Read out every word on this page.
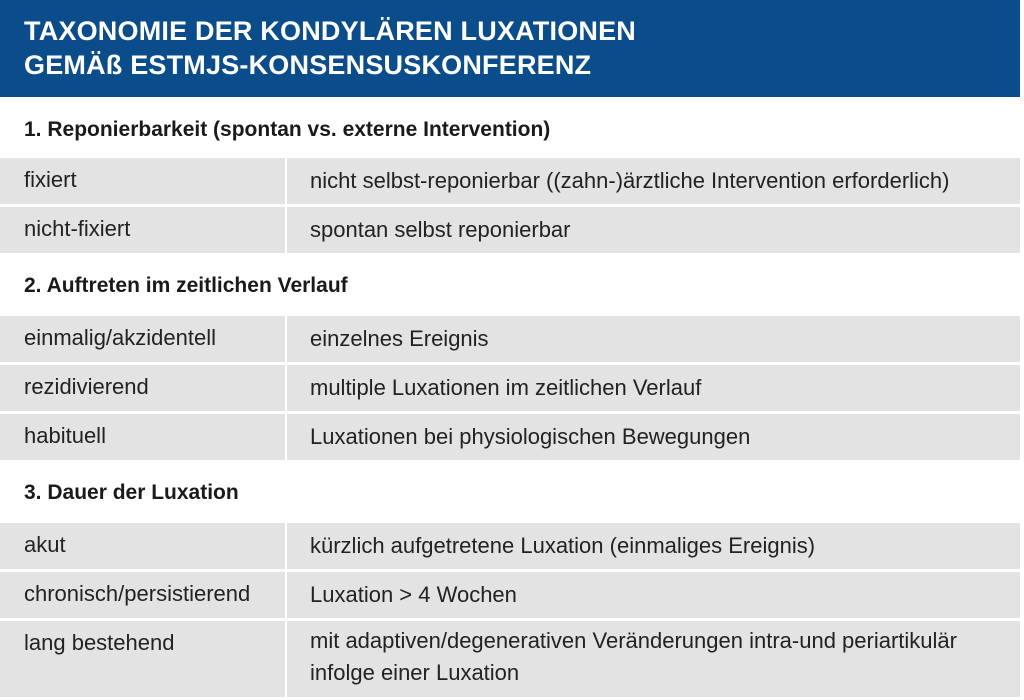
TAXONOMIE DER KONDYLÄREN LUXATIONEN
GEMÄß ESTMJS-KONSENSUSKONFERENZ
1. Reponierbarkeit (spontan vs. externe Intervention)
fixiert	nicht selbst-reponierbar ((zahn-)ärztliche Intervention erforderlich)
nicht-fixiert	spontan selbst reponierbar
2. Auftreten im zeitlichen Verlauf
einmalig/akzidentell	einzelnes Ereignis
rezidivierend	multiple Luxationen im zeitlichen Verlauf
habituell	Luxationen bei physiologischen Bewegungen
3. Dauer der Luxation
akut	kürzlich aufgetretene Luxation (einmaliges Ereignis)
chronisch/persistierend	Luxation > 4 Wochen
lang bestehend	mit adaptiven/degenerativen Veränderungen intra-und periartikulär infolge einer Luxation
